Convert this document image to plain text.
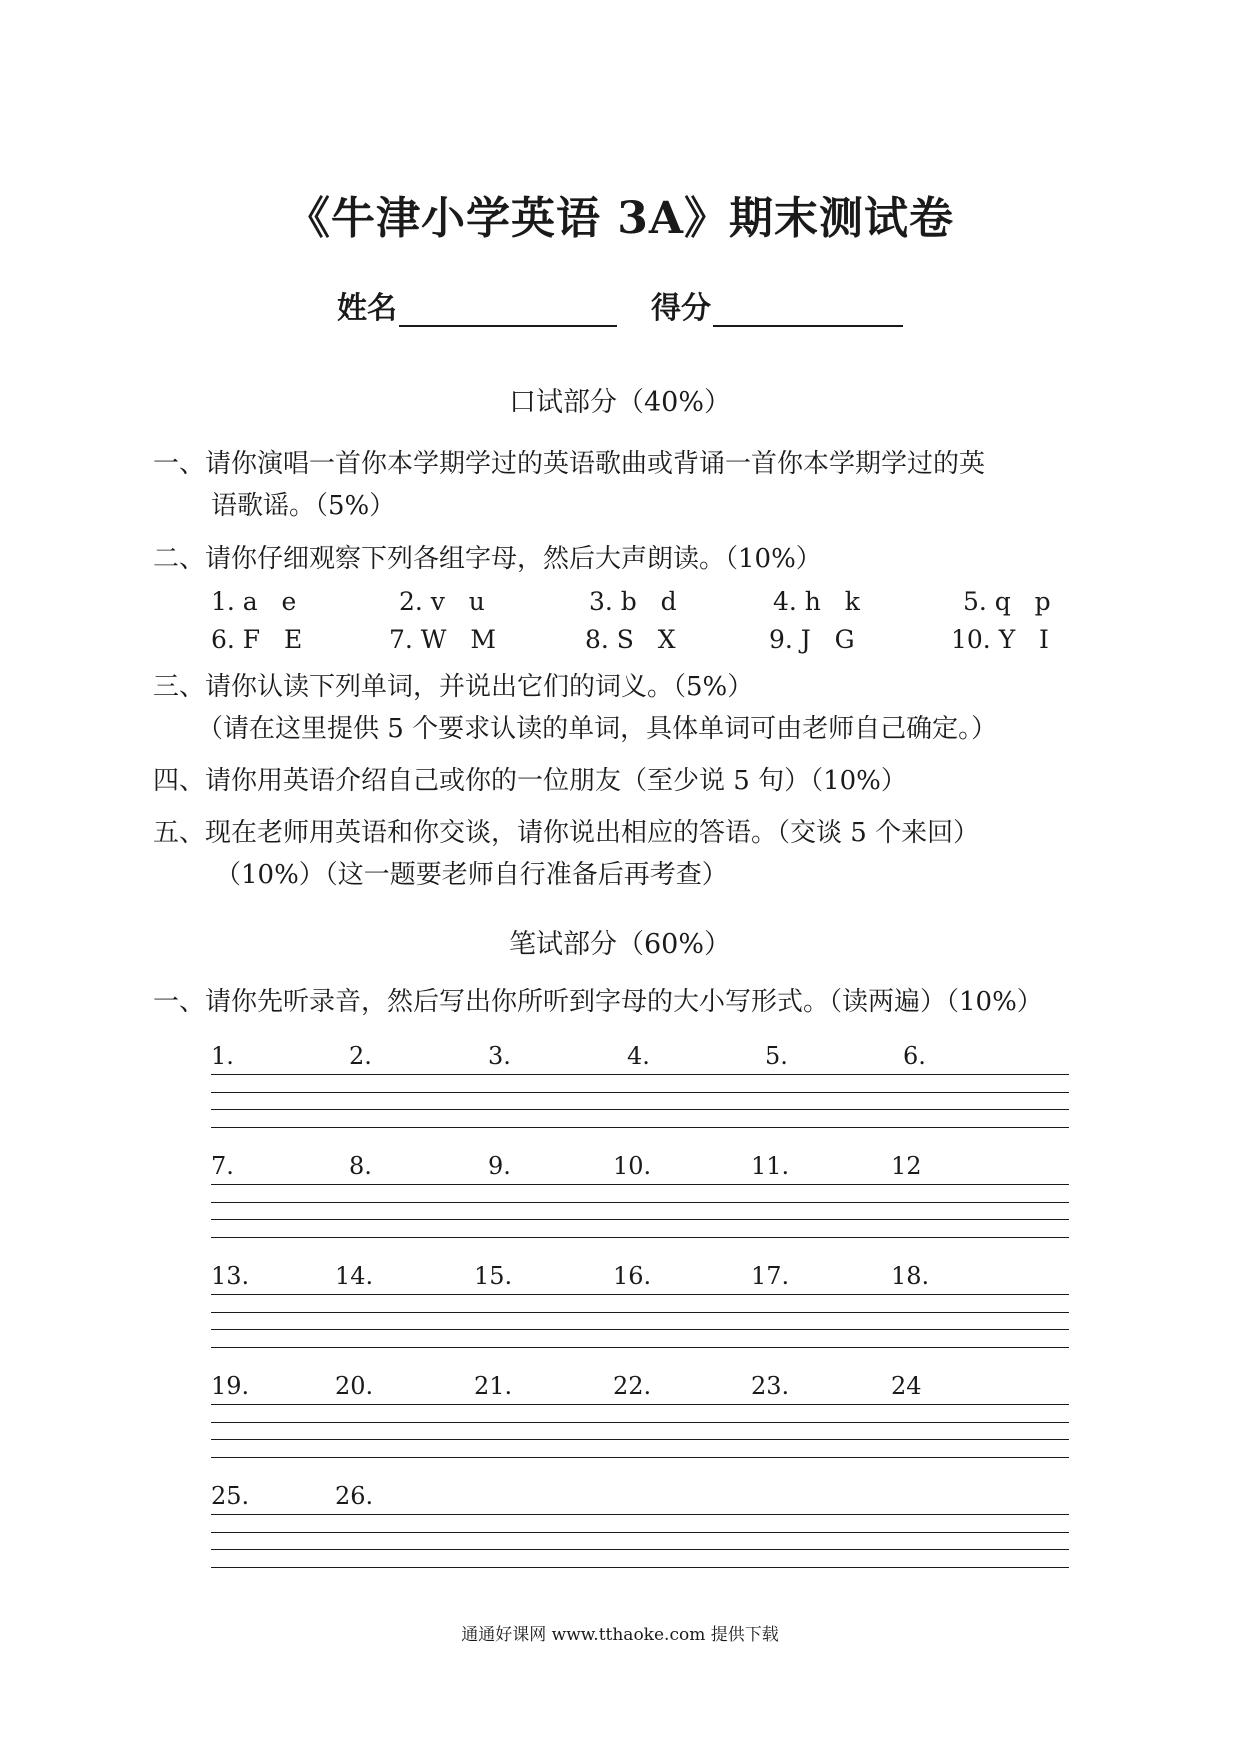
《牛津小学英语 3A》期末测试卷
姓名	得分
口试部分（40%）
一、请你演唱一首你本学期学过的英语歌曲或背诵一首你本学期学过的英
语歌谣。（5%）
二、请你仔细观察下列各组字母，然后大声朗读。（10%）
1. a   e	2. v   u	3. b   d	4. h   k	5. q   p
6. F   E	7. W   M	8. S   X	9. J   G	10. Y   I
三、请你认读下列单词，并说出它们的词义。（5%）
（请在这里提供 5 个要求认读的单词，具体单词可由老师自己确定。）
四、请你用英语介绍自己或你的一位朋友（至少说 5 句）（10%）
五、现在老师用英语和你交谈，请你说出相应的答语。（交谈 5 个来回）
（10%）（这一题要老师自行准备后再考查）
笔试部分（60%）
一、请你先听录音，然后写出你所听到字母的大小写形式。（读两遍）（10%）
1.	2.	3.	4.	5.	6.
7.	8.	9.	10.	11.	12
13.	14.	15.	16.	17.	18.
19.	20.	21.	22.	23.	24
25.	26.
通通好课网 www.tthaoke.com 提供下载
